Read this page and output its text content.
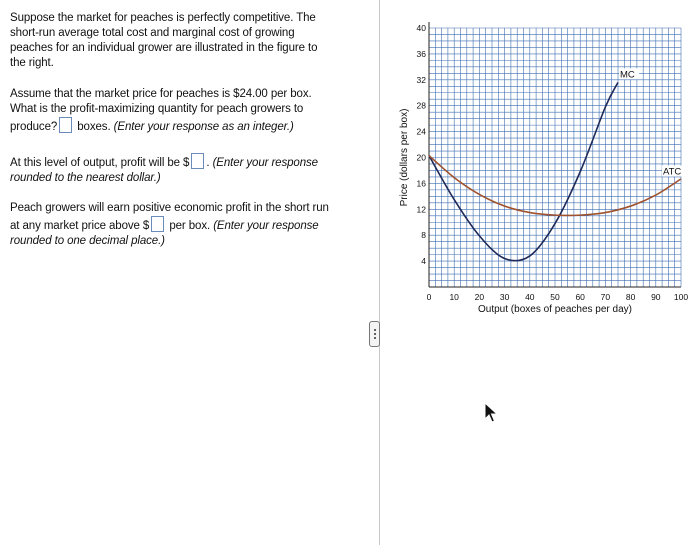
Suppose the market for peaches is perfectly competitive. The
short-run average total cost and marginal cost of growing
peaches for an individual grower are illustrated in the figure to
the right.
Assume that the market price for peaches is $24.00 per box.
What is the profit-maximizing quantity for peach growers to
produce? boxes. (Enter your response as an integer.)
At this level of output, profit will be $ . (Enter your response
rounded to the nearest dollar.)
Peach growers will earn positive economic profit in the short run
at any market price above $ per box. (Enter your response
rounded to one decimal place.)
4
8
12
16
20
24
28
32
36
40
0 10 20 30 40 50 60 70 80 90 100
Output (boxes of peaches per day)
Price (dollars per box)
MC
ATC
